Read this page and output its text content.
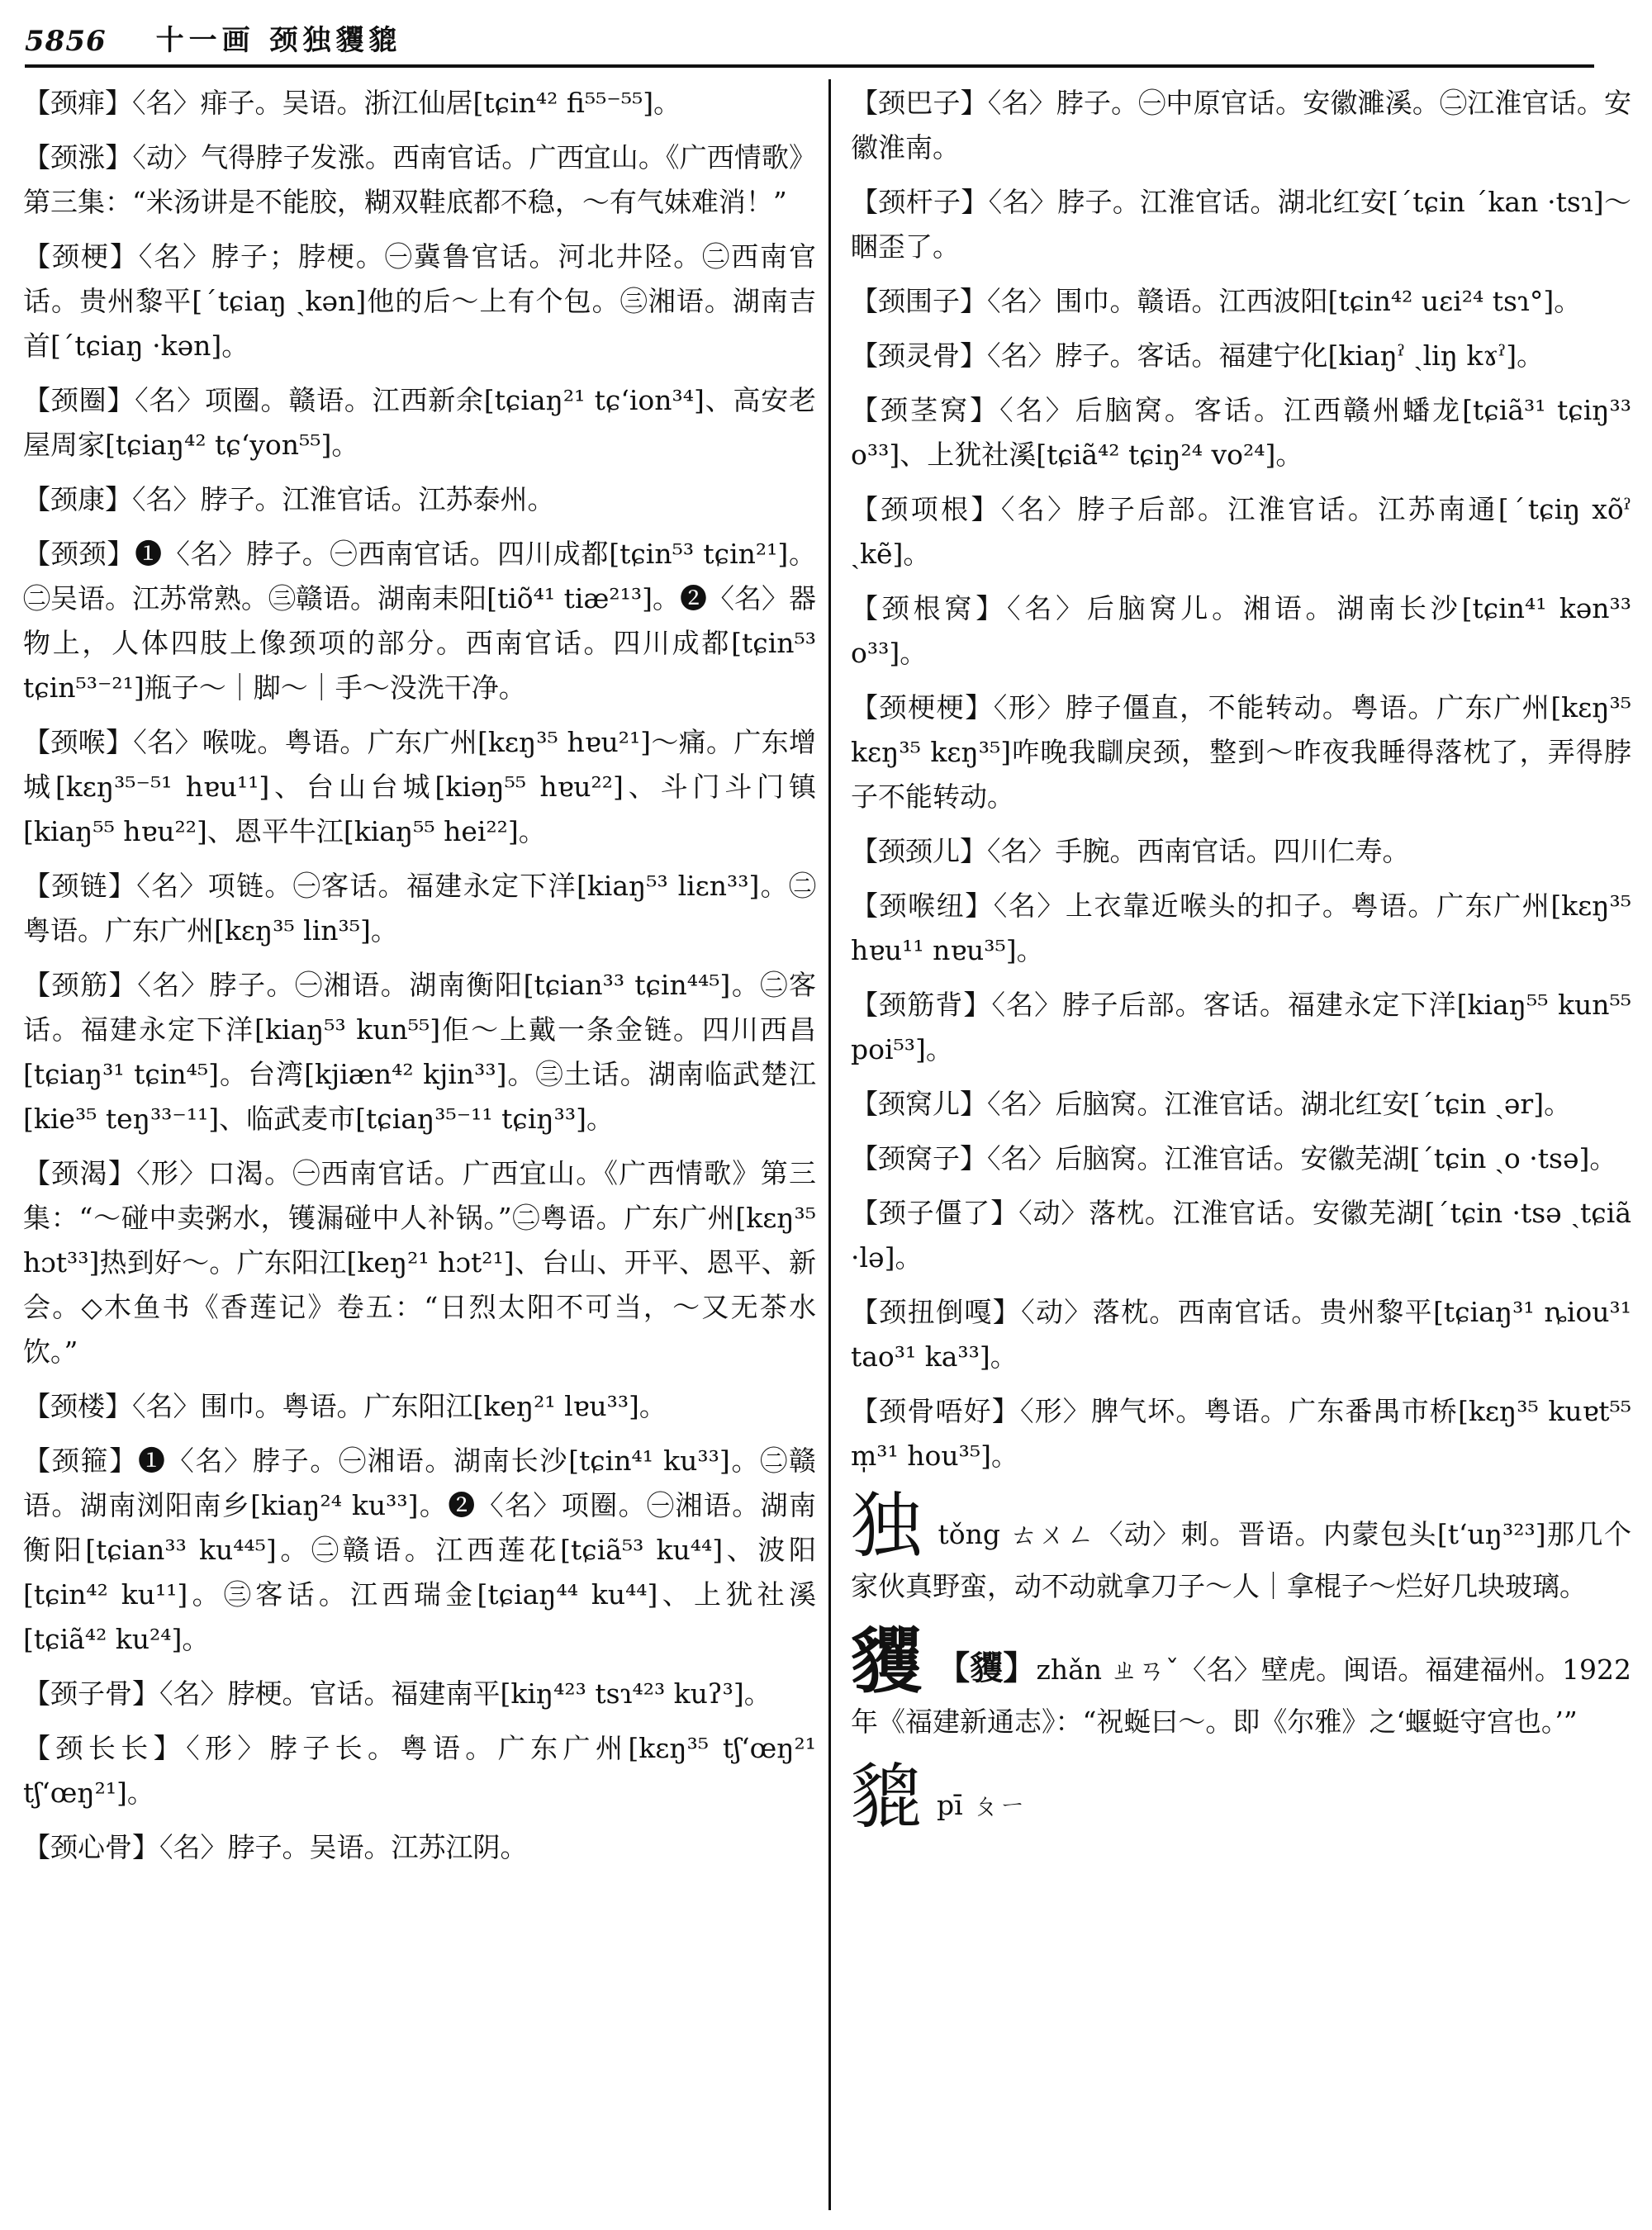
5856 十一画 颈独貜貔

【颈痱】〈名〉痱子。吴语。浙江仙居[tɕin⁴² fi⁵⁵⁻⁵⁵]。

【颈涨】〈动〉气得脖子发涨。西南官话。广西宜山。《广西情歌》第三集：“米汤讲是不能胶，糊双鞋底都不稳，～有气妹难消！”

【颈梗】〈名〉脖子；脖梗。㊀冀鲁官话。河北井陉。㊁西南官话。贵州黎平[ˊtɕiaŋ ˏkən]他的后～上有个包。㊂湘语。湖南吉首[ˊtɕiaŋ ·kən]。

【颈圈】〈名〉项圈。赣语。江西新余[tɕiaŋ²¹ tɕʻion³⁴]、高安老屋周家[tɕiaŋ⁴² tɕʻyon⁵⁵]。

【颈康】〈名〉脖子。江淮官话。江苏泰州。

【颈颈】❶〈名〉脖子。㊀西南官话。四川成都[tɕin⁵³ tɕin²¹]。㊁吴语。江苏常熟。㊂赣语。湖南耒阳[tiõ⁴¹ tiæ²¹³]。❷〈名〉器物上，人体四肢上像颈项的部分。西南官话。四川成都[tɕin⁵³ tɕin⁵³⁻²¹]瓶子～｜脚～｜手～没洗干净。

【颈喉】〈名〉喉咙。粤语。广东广州[kɛŋ³⁵ hɐu²¹]～痛。广东增城[kɛŋ³⁵⁻⁵¹ hɐu¹¹]、台山台城[kiəŋ⁵⁵ hɐu²²]、斗门斗门镇[kiaŋ⁵⁵ hɐu²²]、恩平牛江[kiaŋ⁵⁵ hei²²]。

【颈链】〈名〉项链。㊀客话。福建永定下洋[kiaŋ⁵³ liɛn³³]。㊁粤语。广东广州[kɛŋ³⁵ lin³⁵]。

【颈筋】〈名〉脖子。㊀湘语。湖南衡阳[tɕian³³ tɕin⁴⁴⁵]。㊁客话。福建永定下洋[kiaŋ⁵³ kun⁵⁵]佢～上戴一条金链。四川西昌[tɕiaŋ³¹ tɕin⁴⁵]。台湾[kjiæn⁴² kjin³³]。㊂土话。湖南临武楚江[kie³⁵ teŋ³³⁻¹¹]、临武麦市[tɕiaŋ³⁵⁻¹¹ tɕiŋ³³]。

【颈渴】〈形〉口渴。㊀西南官话。广西宜山。《广西情歌》第三集：“～碰中卖粥水，镬漏碰中人补锅。”㊁粤语。广东广州[kɛŋ³⁵ hɔt³³]热到好～。广东阳江[keŋ²¹ hɔt²¹]、台山、开平、恩平、新会。◇木鱼书《香莲记》卷五：“日烈太阳不可当，～又无茶水饮。”

【颈楼】〈名〉围巾。粤语。广东阳江[keŋ²¹ lɐu³³]。

【颈箍】❶〈名〉脖子。㊀湘语。湖南长沙[tɕin⁴¹ ku³³]。㊁赣语。湖南浏阳南乡[kiaŋ²⁴ ku³³]。❷〈名〉项圈。㊀湘语。湖南衡阳[tɕian³³ ku⁴⁴⁵]。㊁赣语。江西莲花[tɕiã⁵³ ku⁴⁴]、波阳[tɕin⁴² ku¹¹]。㊂客话。江西瑞金[tɕiaŋ⁴⁴ ku⁴⁴]、上犹社溪[tɕiã⁴² ku²⁴]。

【颈子骨】〈名〉脖梗。官话。福建南平[kiŋ⁴²³ tsɿ⁴²³ kuʔ³]。

【颈长长】〈形〉脖子长。粤语。广东广州[kɛŋ³⁵ tʃʻœŋ²¹ tʃʻœŋ²¹]。

【颈心骨】〈名〉脖子。吴语。江苏江阴。

【颈巴子】〈名〉脖子。㊀中原官话。安徽濉溪。㊁江淮官话。安徽淮南。

【颈杆子】〈名〉脖子。江淮官话。湖北红安[ˊtɕin ˊkan ·tsɿ]～睏歪了。

【颈围子】〈名〉围巾。赣语。江西波阳[tɕin⁴² uɛi²⁴ tsɿ°]。

【颈灵骨】〈名〉脖子。客话。福建宁化[kiaŋˀ ˏliŋ kɤˀ]。

【颈茎窝】〈名〉后脑窝。客话。江西赣州蟠龙[tɕiã³¹ tɕiŋ³³ o³³]、上犹社溪[tɕiã⁴² tɕiŋ²⁴ vo²⁴]。

【颈项根】〈名〉脖子后部。江淮官话。江苏南通[ˊtɕiŋ xõˀ ˏkẽ]。

【颈根窝】〈名〉后脑窝儿。湘语。湖南长沙[tɕin⁴¹ kən³³ o³³]。

【颈梗梗】〈形〉脖子僵直，不能转动。粤语。广东广州[kɛŋ³⁵ kɛŋ³⁵ kɛŋ³⁵]咋晚我瞓戾颈，整到～昨夜我睡得落枕了，弄得脖子不能转动。

【颈颈儿】〈名〉手腕。西南官话。四川仁寿。

【颈喉纽】〈名〉上衣靠近喉头的扣子。粤语。广东广州[kɛŋ³⁵ hɐu¹¹ nɐu³⁵]。

【颈筋背】〈名〉脖子后部。客话。福建永定下洋[kiaŋ⁵⁵ kun⁵⁵ poi⁵³]。

【颈窝儿】〈名〉后脑窝。江淮官话。湖北红安[ˊtɕin ˏər]。

【颈窝子】〈名〉后脑窝。江淮官话。安徽芜湖[ˊtɕin ˏo ·tsə]。

【颈子僵了】〈动〉落枕。江淮官话。安徽芜湖[ˊtɕin ·tsə ˏtɕiã ·lə]。

【颈扭倒嘎】〈动〉落枕。西南官话。贵州黎平[tɕiaŋ³¹ ȵiou³¹ tao³¹ ka³³]。

【颈骨唔好】〈形〉脾气坏。粤语。广东番禺市桥[kɛŋ³⁵ kuɐt⁵⁵ m̩³¹ hou³⁵]。

独tǒng ㄊㄨㄥ〈动〉刺。晋语。内蒙包头[tʻuŋ³²³]那几个家伙真野蛮，动不动就拿刀子～人｜拿棍子～烂好几块玻璃。

貜 【貜】zhǎn ㄓㄢˇ〈名〉壁虎。闽语。福建福州。1922年《福建新通志》：“祝蜒曰～。即《尔雅》之‘蝘蜓守宫也。’”

貔pī ㄆㄧ
